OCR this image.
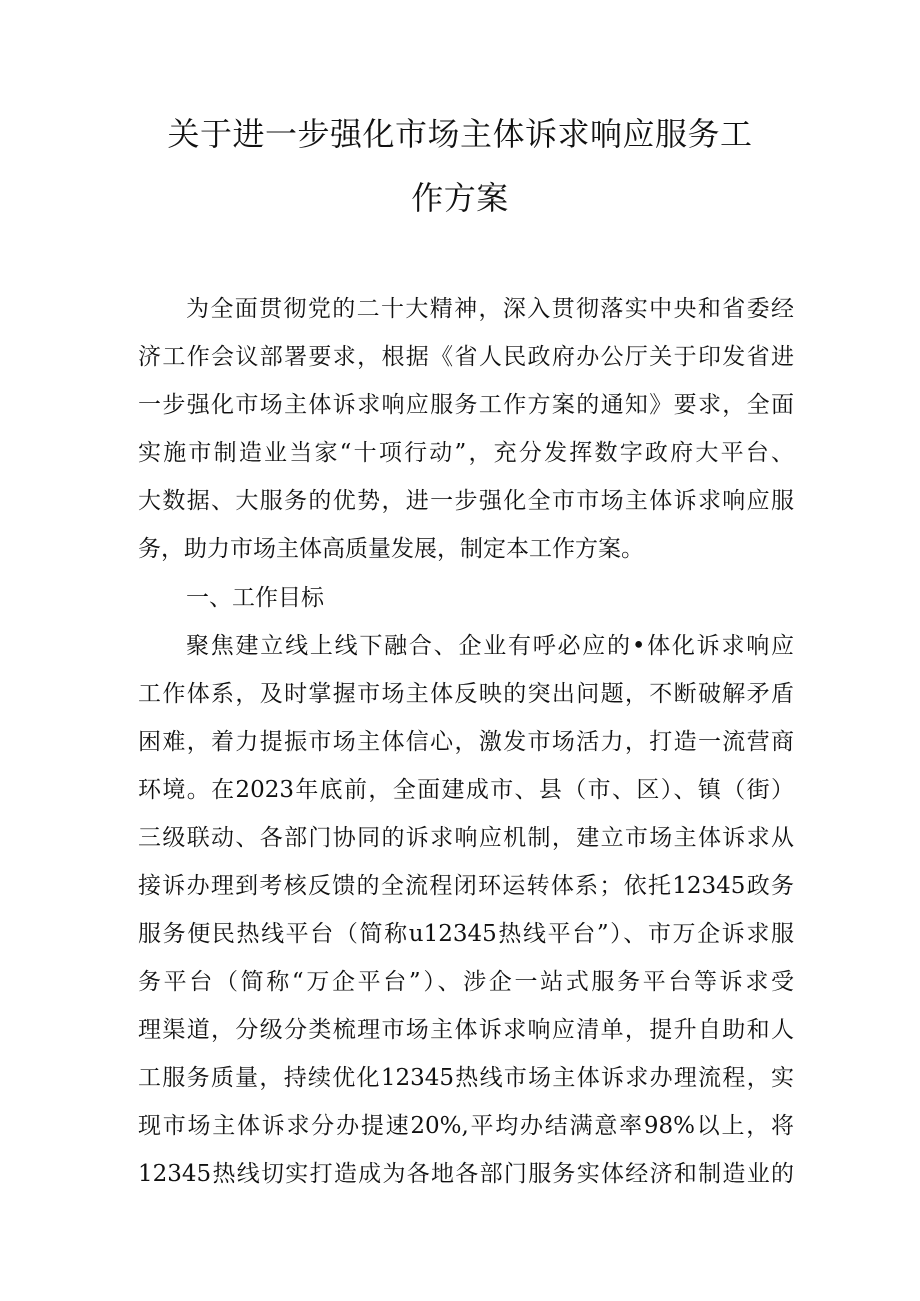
关于进一步强化市场主体诉求响应服务工
作方案

为全面贯彻党的二十大精神，深入贯彻落实中央和省委经

济工作会议部署要求，根据《省人民政府办公厅关于印发省进

一步强化市场主体诉求响应服务工作方案的通知》要求，全面

实施市制造业当家“十项行动”，充分发挥数字政府大平台、

大数据、大服务的优势，进一步强化全市市场主体诉求响应服

务，助力市场主体高质量发展，制定本工作方案。

一、工作目标

聚焦建立线上线下融合、企业有呼必应的•体化诉求响应

工作体系，及时掌握市场主体反映的突出问题，不断破解矛盾

困难，着力提振市场主体信心，激发市场活力，打造一流营商

环境。在2023年底前，全面建成市、县（市、区）、镇（街）

三级联动、各部门协同的诉求响应机制，建立市场主体诉求从

接诉办理到考核反馈的全流程闭环运转体系；依托12345政务

服务便民热线平台（简称u12345热线平台”）、市万企诉求服

务平台（简称“万企平台”）、涉企一站式服务平台等诉求受

理渠道，分级分类梳理市场主体诉求响应清单，提升自助和人

工服务质量，持续优化12345热线市场主体诉求办理流程，实

现市场主体诉求分办提速20%,平均办结满意率98%以上，将

12345热线切实打造成为各地各部门服务实体经济和制造业的
